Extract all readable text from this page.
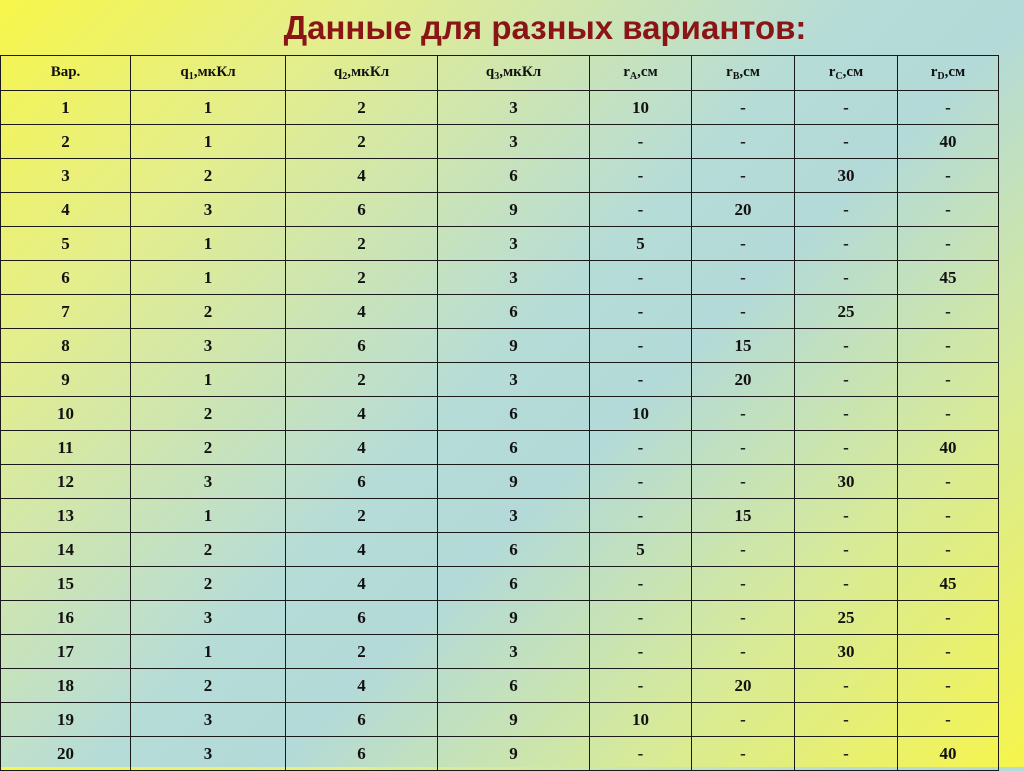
Данные для разных вариантов:
Вар.	$q_1,мкКл$	$q_2,мкКл$	$q_3,мкКл$	$r_A,см$	$r_B,см$	$r_C,см$	$r_D,см$
1	1	2	3	10	-	-	-
2	1	2	3	-	-	-	40
3	2	4	6	-	-	30	-
4	3	6	9	-	20	-	-
5	1	2	3	5	-	-	-
6	1	2	3	-	-	-	45
7	2	4	6	-	-	25	-
8	3	6	9	-	15	-	-
9	1	2	3	-	20	-	-
10	2	4	6	10	-	-	-
11	2	4	6	-	-	-	40
12	3	6	9	-	-	30	-
13	1	2	3	-	15	-	-
14	2	4	6	5	-	-	-
15	2	4	6	-	-	-	45
16	3	6	9	-	-	25	-
17	1	2	3	-	-	30	-
18	2	4	6	-	20	-	-
19	3	6	9	10	-	-	-
20	3	6	9	-	-	-	40
